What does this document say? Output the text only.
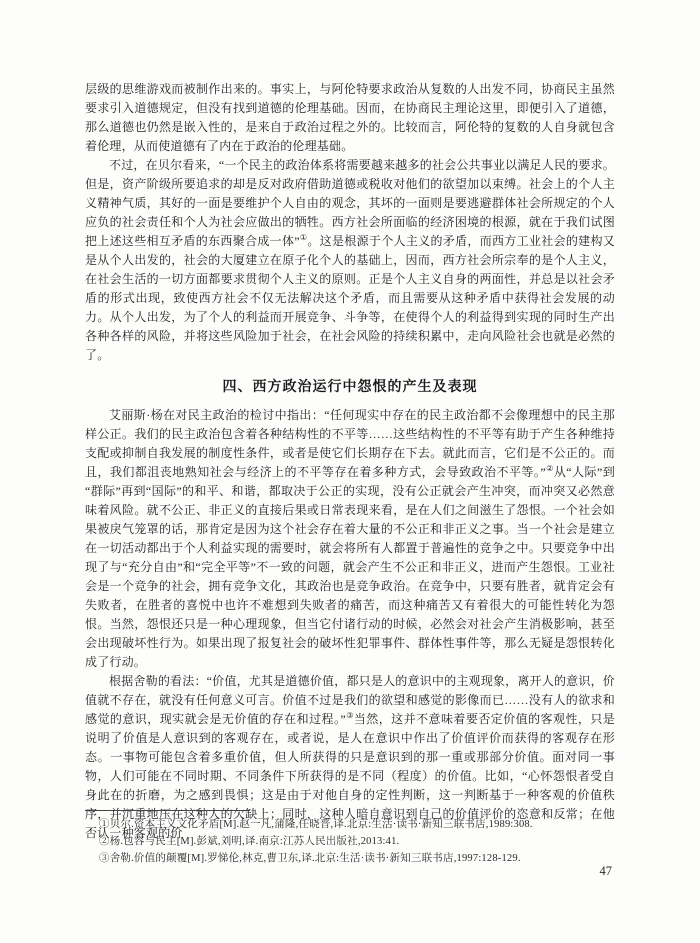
层级的思维游戏而被制作出来的。事实上，与阿伦特要求政治从复数的人出发不同，协商民主虽然要求引入道德规定，但没有找到道德的伦理基础。因而，在协商民主理论这里，即便引入了道德，那么道德也仍然是嵌入性的，是来自于政治过程之外的。比较而言，阿伦特的复数的人自身就包含着伦理，从而使道德有了内在于政治的伦理基础。

不过，在贝尔看来，“一个民主的政治体系将需要越来越多的社会公共事业以满足人民的要求。但是，资产阶级所要追求的却是反对政府借助道德或税收对他们的欲望加以束缚。社会上的个人主义精神气质，其好的一面是要维护个人自由的观念，其坏的一面则是要逃避群体社会所规定的个人应负的社会责任和个人为社会应做出的牺牲。西方社会所面临的经济困境的根源，就在于我们试图把上述这些相互矛盾的东西聚合成一体”①。这是根源于个人主义的矛盾，而西方工业社会的建构又是从个人出发的，社会的大厦建立在原子化个人的基础上，因而，西方社会所宗奉的是个人主义，在社会生活的一切方面都要求贯彻个人主义的原则。正是个人主义自身的两面性，并总是以社会矛盾的形式出现，致使西方社会不仅无法解决这个矛盾，而且需要从这种矛盾中获得社会发展的动力。从个人出发，为了个人的利益而开展竞争、斗争等，在使得个人的利益得到实现的同时生产出各种各样的风险，并将这些风险加于社会，在社会风险的持续积累中，走向风险社会也就是必然的了。

四、西方政治运行中怨恨的产生及表现

艾丽斯·杨在对民主政治的检讨中指出：“任何现实中存在的民主政治都不会像理想中的民主那样公正。我们的民主政治包含着各种结构性的不平等……这些结构性的不平等有助于产生各种维持支配或抑制自我发展的制度性条件，或者是使它们长期存在下去。就此而言，它们是不公正的。而且，我们都沮丧地熟知社会与经济上的不平等存在着多种方式，会导致政治不平等。”②从“人际”到“群际”再到“国际”的和平、和谐，都取决于公正的实现，没有公正就会产生冲突，而冲突又必然意味着风险。就不公正、非正义的直接后果或日常表现来看，是在人们之间滋生了怨恨。一个社会如果被戾气笼罩的话，那肯定是因为这个社会存在着大量的不公正和非正义之事。当一个社会是建立在一切活动都出于个人利益实现的需要时，就会将所有人都置于普遍性的竞争之中。只要竞争中出现了与“充分自由”和“完全平等”不一致的问题，就会产生不公正和非正义，进而产生怨恨。工业社会是一个竞争的社会，拥有竞争文化，其政治也是竞争政治。在竞争中，只要有胜者，就肯定会有失败者，在胜者的喜悦中也许不难想到失败者的痛苦，而这种痛苦又有着很大的可能性转化为怨恨。当然，怨恨还只是一种心理现象，但当它付诸行动的时候，必然会对社会产生消极影响，甚至会出现破坏性行为。如果出现了报复社会的破坏性犯罪事件、群体性事件等，那么无疑是怨恨转化成了行动。

根据舍勒的看法：“价值，尤其是道德价值，都只是人的意识中的主观现象，离开人的意识，价值就不存在，就没有任何意义可言。价值不过是我们的欲望和感觉的影像而已……没有人的欲求和感觉的意识，现实就会是无价值的存在和过程。”③当然，这并不意味着要否定价值的客观性，只是说明了价值是人意识到的客观存在，或者说，是人在意识中作出了价值评价而获得的客观存在形态。一事物可能包含着多重价值，但人所获得的只是意识到的那一重或那部分价值。面对同一事物，人们可能在不同时期、不同条件下所获得的是不同（程度）的价值。比如，“心怀怨恨者受自身此在的折磨，为之感到畏惧；这是由于对他自身的定性判断，这一判断基于一种客观的价值秩序，并沉重地压在这种人的欠缺上；同时，这种人暗自意识到自己的价值评价的恣意和反常；在他否认一种客观的价

①贝尔.资本主义文化矛盾[M].赵一凡,蒲隆,任晓晋,译.北京:生活·读书·新知三联书店,1989:308.

②杨.包容与民主[M].彭斌,刘明,译.南京:江苏人民出版社,2013:41.

③舍勒.价值的颠覆[M].罗悌伦,林克,曹卫东,译.北京:生活·读书·新知三联书店,1997:128-129.

47
